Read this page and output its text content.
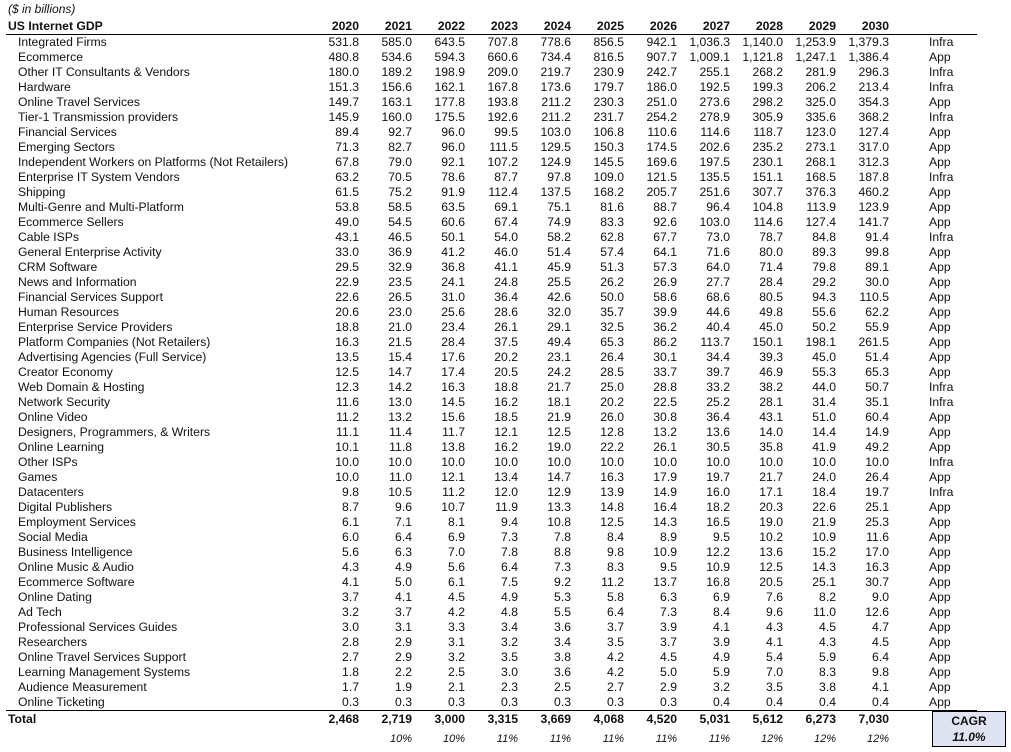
($ in billions)
US Internet GDP	2020	2021	2022	2023	2024	2025	2026	2027	2028	2029	2030		
Integrated Firms	531.8	585.0	643.5	707.8	778.6	856.5	942.1	1,036.3	1,140.0	1,253.9	1,379.3		Infra
Ecommerce	480.8	534.6	594.3	660.6	734.4	816.5	907.7	1,009.1	1,121.8	1,247.1	1,386.4		App
Other IT Consultants & Vendors	180.0	189.2	198.9	209.0	219.7	230.9	242.7	255.1	268.2	281.9	296.3		Infra
Hardware	151.3	156.6	162.1	167.8	173.6	179.7	186.0	192.5	199.3	206.2	213.4		Infra
Online Travel Services	149.7	163.1	177.8	193.8	211.2	230.3	251.0	273.6	298.2	325.0	354.3		App
Tier-1 Transmission providers	145.9	160.0	175.5	192.6	211.2	231.7	254.2	278.9	305.9	335.6	368.2		Infra
Financial Services	89.4	92.7	96.0	99.5	103.0	106.8	110.6	114.6	118.7	123.0	127.4		App
Emerging Sectors	71.3	82.7	96.0	111.5	129.5	150.3	174.5	202.6	235.2	273.1	317.0		App
Independent Workers on Platforms (Not Retailers)	67.8	79.0	92.1	107.2	124.9	145.5	169.6	197.5	230.1	268.1	312.3		App
Enterprise IT System Vendors	63.2	70.5	78.6	87.7	97.8	109.0	121.5	135.5	151.1	168.5	187.8		Infra
Shipping	61.5	75.2	91.9	112.4	137.5	168.2	205.7	251.6	307.7	376.3	460.2		App
Multi-Genre and Multi-Platform	53.8	58.5	63.5	69.1	75.1	81.6	88.7	96.4	104.8	113.9	123.9		App
Ecommerce Sellers	49.0	54.5	60.6	67.4	74.9	83.3	92.6	103.0	114.6	127.4	141.7		App
Cable ISPs	43.1	46.5	50.1	54.0	58.2	62.8	67.7	73.0	78.7	84.8	91.4		Infra
General Enterprise Activity	33.0	36.9	41.2	46.0	51.4	57.4	64.1	71.6	80.0	89.3	99.8		App
CRM Software	29.5	32.9	36.8	41.1	45.9	51.3	57.3	64.0	71.4	79.8	89.1		App
News and Information	22.9	23.5	24.1	24.8	25.5	26.2	26.9	27.7	28.4	29.2	30.0		App
Financial Services Support	22.6	26.5	31.0	36.4	42.6	50.0	58.6	68.6	80.5	94.3	110.5		App
Human Resources	20.6	23.0	25.6	28.6	32.0	35.7	39.9	44.6	49.8	55.6	62.2		App
Enterprise Service Providers	18.8	21.0	23.4	26.1	29.1	32.5	36.2	40.4	45.0	50.2	55.9		App
Platform Companies (Not Retailers)	16.3	21.5	28.4	37.5	49.4	65.3	86.2	113.7	150.1	198.1	261.5		App
Advertising Agencies (Full Service)	13.5	15.4	17.6	20.2	23.1	26.4	30.1	34.4	39.3	45.0	51.4		App
Creator Economy	12.5	14.7	17.4	20.5	24.2	28.5	33.7	39.7	46.9	55.3	65.3		App
Web Domain & Hosting	12.3	14.2	16.3	18.8	21.7	25.0	28.8	33.2	38.2	44.0	50.7		Infra
Network Security	11.6	13.0	14.5	16.2	18.1	20.2	22.5	25.2	28.1	31.4	35.1		Infra
Online Video	11.2	13.2	15.6	18.5	21.9	26.0	30.8	36.4	43.1	51.0	60.4		App
Designers, Programmers, & Writers	11.1	11.4	11.7	12.1	12.5	12.8	13.2	13.6	14.0	14.4	14.9		App
Online Learning	10.1	11.8	13.8	16.2	19.0	22.2	26.1	30.5	35.8	41.9	49.2		App
Other ISPs	10.0	10.0	10.0	10.0	10.0	10.0	10.0	10.0	10.0	10.0	10.0		Infra
Games	10.0	11.0	12.1	13.4	14.7	16.3	17.9	19.7	21.7	24.0	26.4		App
Datacenters	9.8	10.5	11.2	12.0	12.9	13.9	14.9	16.0	17.1	18.4	19.7		Infra
Digital Publishers	8.7	9.6	10.7	11.9	13.3	14.8	16.4	18.2	20.3	22.6	25.1		App
Employment Services	6.1	7.1	8.1	9.4	10.8	12.5	14.3	16.5	19.0	21.9	25.3		App
Social Media	6.0	6.4	6.9	7.3	7.8	8.4	8.9	9.5	10.2	10.9	11.6		App
Business Intelligence	5.6	6.3	7.0	7.8	8.8	9.8	10.9	12.2	13.6	15.2	17.0		App
Online Music & Audio	4.3	4.9	5.6	6.4	7.3	8.3	9.5	10.9	12.5	14.3	16.3		App
Ecommerce Software	4.1	5.0	6.1	7.5	9.2	11.2	13.7	16.8	20.5	25.1	30.7		App
Online Dating	3.7	4.1	4.5	4.9	5.3	5.8	6.3	6.9	7.6	8.2	9.0		App
Ad Tech	3.2	3.7	4.2	4.8	5.5	6.4	7.3	8.4	9.6	11.0	12.6		App
Professional Services Guides	3.0	3.1	3.3	3.4	3.6	3.7	3.9	4.1	4.3	4.5	4.7		App
Researchers	2.8	2.9	3.1	3.2	3.4	3.5	3.7	3.9	4.1	4.3	4.5		App
Online Travel Services Support	2.7	2.9	3.2	3.5	3.8	4.2	4.5	4.9	5.4	5.9	6.4		App
Learning Management Systems	1.8	2.2	2.5	3.0	3.6	4.2	5.0	5.9	7.0	8.3	9.8		App
Audience Measurement	1.7	1.9	2.1	2.3	2.5	2.7	2.9	3.2	3.5	3.8	4.1		App
Online Ticketing	0.3	0.3	0.3	0.3	0.3	0.3	0.3	0.4	0.4	0.4	0.4		App
Total	2,468	2,719	3,000	3,315	3,669	4,068	4,520	5,031	5,612	6,273	7,030		

		10%	10%	11%	11%	11%	11%	11%	12%	12%	12%		
CAGR
11.0%
